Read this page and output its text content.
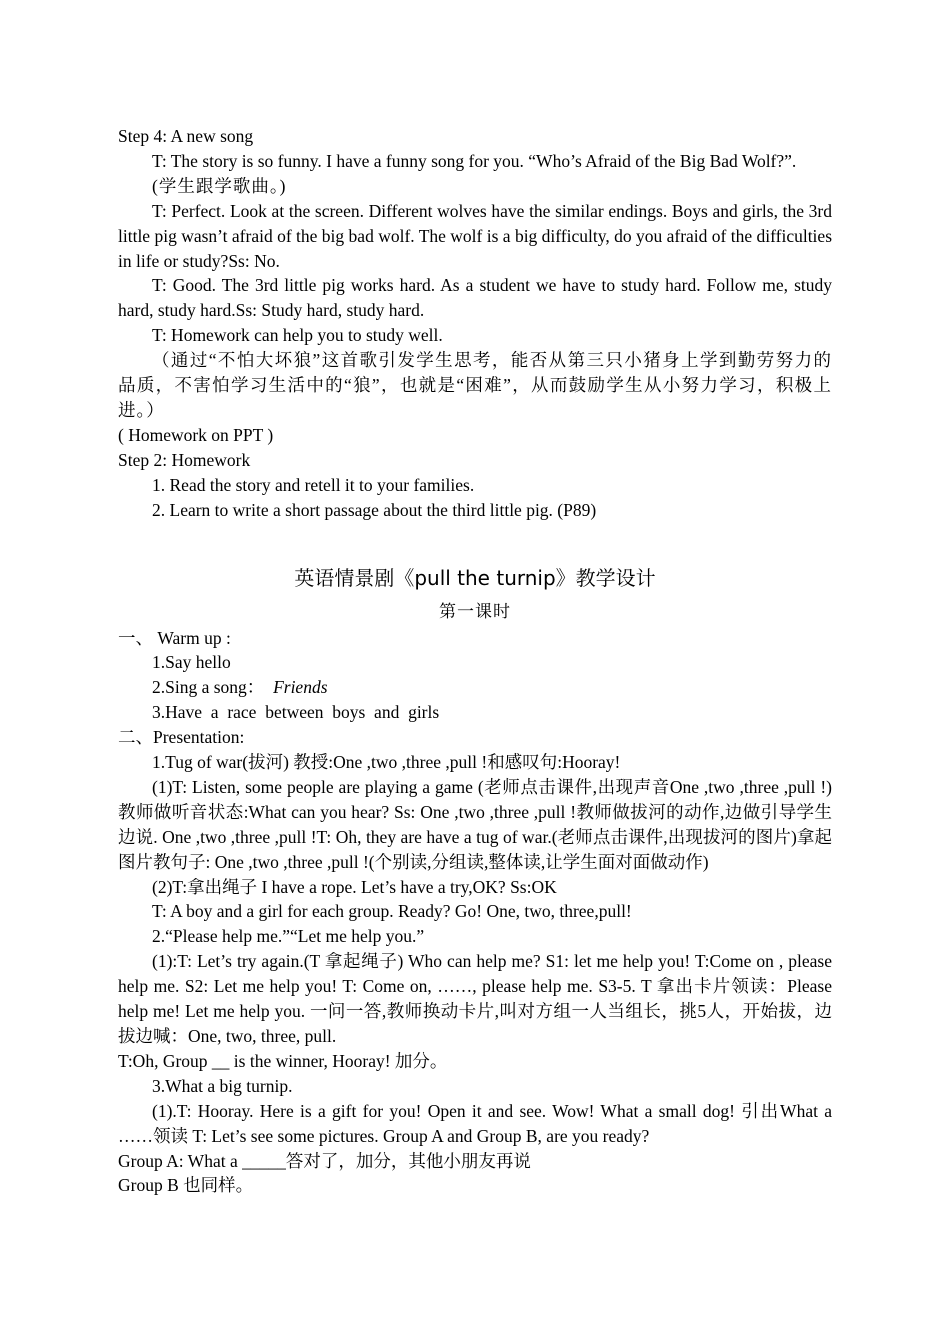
Step 4: A new song

T: The story is so funny. I have a funny song for you. “Who’s Afraid of the Big Bad Wolf?”.

(学生跟学歌曲。)

T: Perfect. Look at the screen. Different wolves have the similar endings. Boys and girls, the 3rd little pig wasn’t afraid of the big bad wolf. The wolf is a big difficulty, do you afraid of the difficulties in life or study?Ss: No.

T: Good. The 3rd little pig works hard. As a student we have to study hard. Follow me, study hard, study hard.Ss: Study hard, study hard.

T: Homework can help you to study well.

（通过“不怕大坏狼”这首歌引发学生思考，能否从第三只小猪身上学到勤劳努力的品质，不害怕学习生活中的“狼”，也就是“困难”，从而鼓励学生从小努力学习，积极上进。）

( Homework on PPT )

Step 2: Homework

1. Read the story and retell it to your families.

2. Learn to write a short passage about the third little pig. (P89)

英语情景剧《pull the turnip》教学设计
第一课时

一、 Warm up :

1.Say hello

2.Sing a song：  Friends

3.Have  a  race  between  boys  and  girls

二、Presentation:

1.Tug of war(拔河) 教授:One ,two ,three ,pull !和感叹句:Hooray!

(1)T: Listen, some people are playing a game (老师点击课件,出现声音One ,two ,three ,pull !)教师做听音状态:What can you hear? Ss: One ,two ,three ,pull !教师做拔河的动作,边做引导学生边说. One ,two ,three ,pull !T: Oh, they are have a tug of war.(老师点击课件,出现拔河的图片)拿起图片教句子: One ,two ,three ,pull !(个别读,分组读,整体读,让学生面对面做动作)

(2)T:拿出绳子 I have a rope. Let’s have a try,OK? Ss:OK

T: A boy and a girl for each group. Ready? Go! One, two, three,pull!

2.“Please help me.”“Let me help you.”

(1):T: Let’s try again.(T 拿起绳子) Who can help me? S1: let me help you! T:Come on , please help me. S2: Let me help you! T: Come on, ……, please help me. S3-5. T 拿出卡片领读：Please help me! Let me help you. 一问一答,教师换动卡片,叫对方组一人当组长，挑5人，开始拔，边拔边喊：One, two, three, pull.

T:Oh, Group __ is the winner, Hooray! 加分。

3.What a big turnip.

(1).T: Hooray. Here is a gift for you! Open it and see. Wow! What a small dog! 引出What a ……领读 T: Let’s see some pictures. Group A and Group B, are you ready?

Group A: What a _____答对了，加分，其他小朋友再说

Group B 也同样。
